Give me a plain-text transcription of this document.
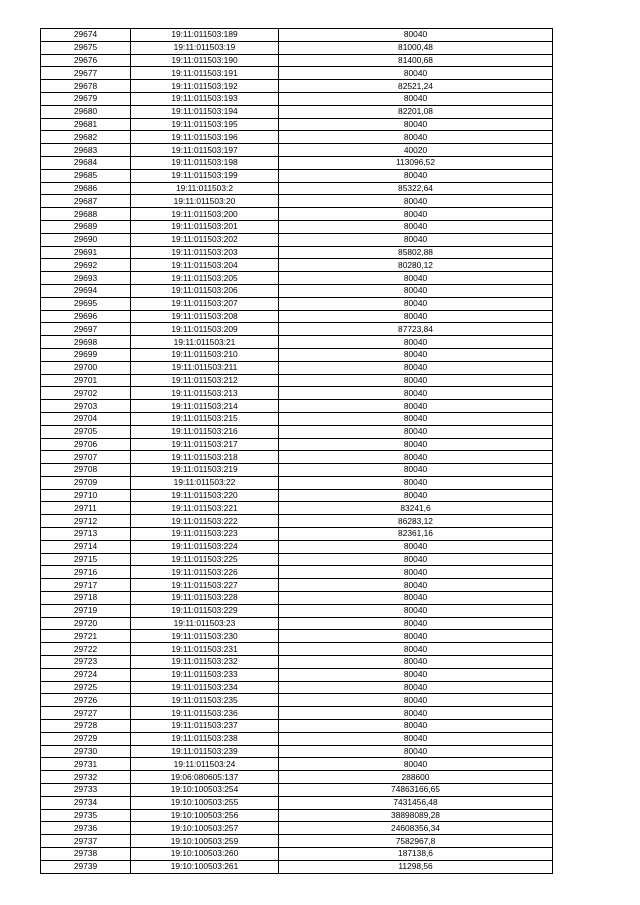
29674	19:11:011503:189	80040
29675	19:11:011503:19	81000,48
29676	19:11:011503:190	81400,68
29677	19:11:011503:191	80040
29678	19:11:011503:192	82521,24
29679	19:11:011503:193	80040
29680	19:11:011503:194	82201,08
29681	19:11:011503:195	80040
29682	19:11:011503:196	80040
29683	19:11:011503:197	40020
29684	19:11:011503:198	113096,52
29685	19:11:011503:199	80040
29686	19:11:011503:2	85322,64
29687	19:11:011503:20	80040
29688	19:11:011503:200	80040
29689	19:11:011503:201	80040
29690	19:11:011503:202	80040
29691	19:11:011503:203	85802,88
29692	19:11:011503:204	80280,12
29693	19:11:011503:205	80040
29694	19:11:011503:206	80040
29695	19:11:011503:207	80040
29696	19:11:011503:208	80040
29697	19:11:011503:209	87723,84
29698	19:11:011503:21	80040
29699	19:11:011503:210	80040
29700	19:11:011503:211	80040
29701	19:11:011503:212	80040
29702	19:11:011503:213	80040
29703	19:11:011503:214	80040
29704	19:11:011503:215	80040
29705	19:11:011503:216	80040
29706	19:11:011503:217	80040
29707	19:11:011503:218	80040
29708	19:11:011503:219	80040
29709	19:11:011503:22	80040
29710	19:11:011503:220	80040
29711	19:11:011503:221	83241,6
29712	19:11:011503:222	86283,12
29713	19:11:011503:223	82361,16
29714	19:11:011503:224	80040
29715	19:11:011503:225	80040
29716	19:11:011503:226	80040
29717	19:11:011503:227	80040
29718	19:11:011503:228	80040
29719	19:11:011503:229	80040
29720	19:11:011503:23	80040
29721	19:11:011503:230	80040
29722	19:11:011503:231	80040
29723	19:11:011503:232	80040
29724	19:11:011503:233	80040
29725	19:11:011503:234	80040
29726	19:11:011503:235	80040
29727	19:11:011503:236	80040
29728	19:11:011503:237	80040
29729	19:11:011503:238	80040
29730	19:11:011503:239	80040
29731	19:11:011503:24	80040
29732	19:06:080605:137	288600
29733	19:10:100503:254	74863166,65
29734	19:10:100503:255	7431456,48
29735	19:10:100503:256	38898089,28
29736	19:10:100503:257	24608356,34
29737	19:10:100503:259	7582967,8
29738	19:10:100503:260	187138,6
29739	19:10:100503:261	11298,56
